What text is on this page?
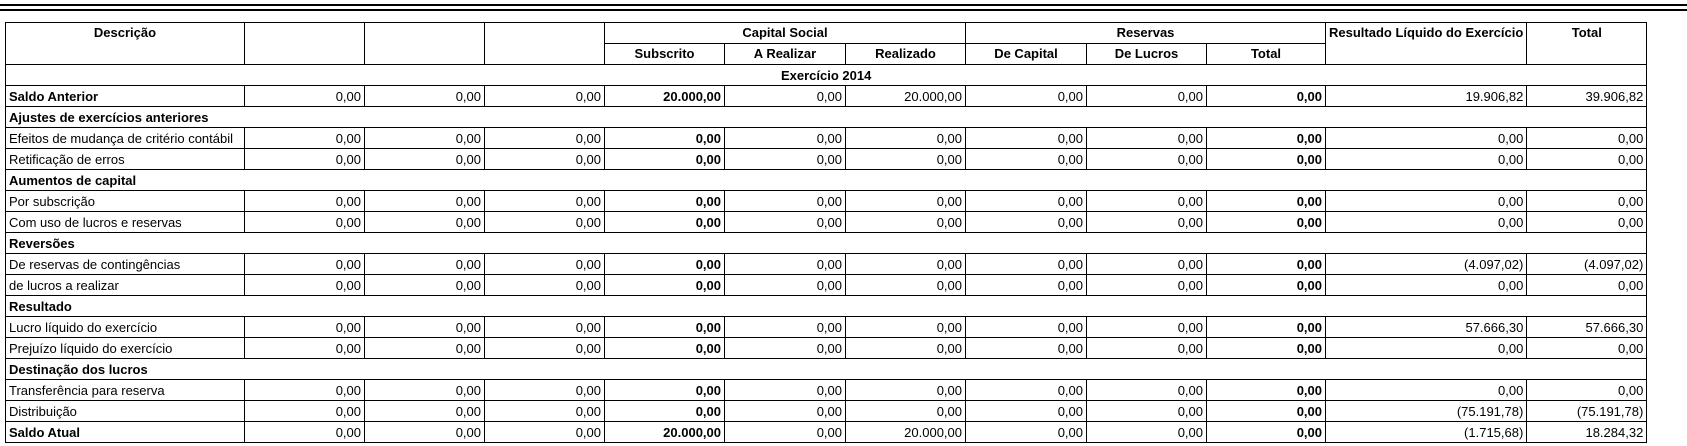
Descrição				Capital Social			Reservas			Resultado Líquido do Exercício	Total
				Subscrito	A Realizar	Realizado	De Capital	De Lucros	Total		
Exercício 2014											
Saldo Anterior	0,00	0,00	0,00	20.000,00	0,00	20.000,00	0,00	0,00	0,00	19.906,82	39.906,82
Ajustes de exercícios anteriores											
Efeitos de mudança de critério contábil	0,00	0,00	0,00	0,00	0,00	0,00	0,00	0,00	0,00	0,00	0,00
Retificação de erros	0,00	0,00	0,00	0,00	0,00	0,00	0,00	0,00	0,00	0,00	0,00
Aumentos de capital											
Por subscrição	0,00	0,00	0,00	0,00	0,00	0,00	0,00	0,00	0,00	0,00	0,00
Com uso de lucros e reservas	0,00	0,00	0,00	0,00	0,00	0,00	0,00	0,00	0,00	0,00	0,00
Reversões											
De reservas de contingências	0,00	0,00	0,00	0,00	0,00	0,00	0,00	0,00	0,00	(4.097,02)	(4.097,02)
de lucros a realizar	0,00	0,00	0,00	0,00	0,00	0,00	0,00	0,00	0,00	0,00	0,00
Resultado											
Lucro líquido do exercício	0,00	0,00	0,00	0,00	0,00	0,00	0,00	0,00	0,00	57.666,30	57.666,30
Prejuízo líquido do exercício	0,00	0,00	0,00	0,00	0,00	0,00	0,00	0,00	0,00	0,00	0,00
Destinação dos lucros											
Transferência para reserva	0,00	0,00	0,00	0,00	0,00	0,00	0,00	0,00	0,00	0,00	0,00
Distribuição	0,00	0,00	0,00	0,00	0,00	0,00	0,00	0,00	0,00	(75.191,78)	(75.191,78)
Saldo Atual	0,00	0,00	0,00	20.000,00	0,00	20.000,00	0,00	0,00	0,00	(1.715,68)	18.284,32
